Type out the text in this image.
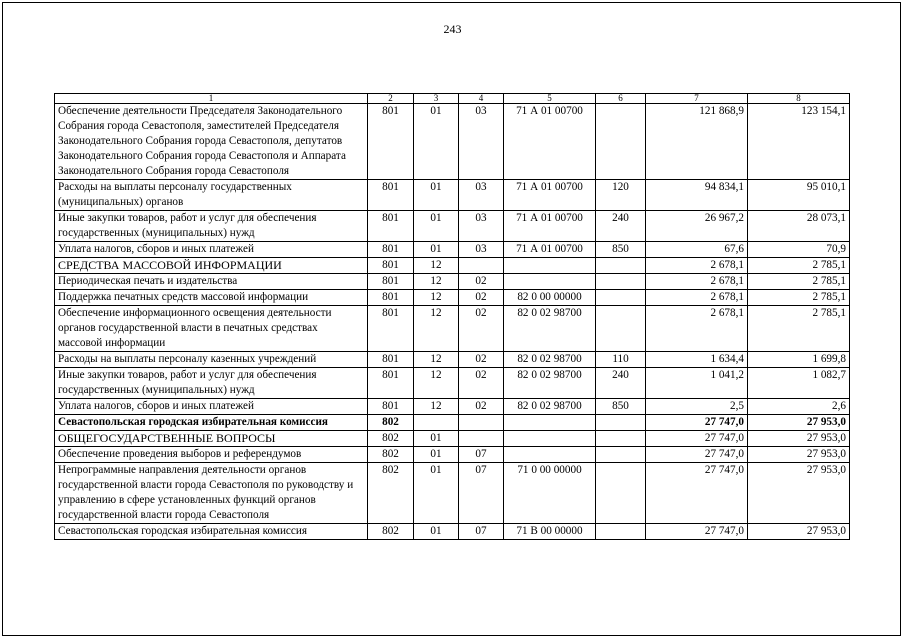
243
1	2	3	4	5	6	7	8
Обеспечение деятельности Председателя Законодательного Собрания города Севастополя, заместителей Председателя Законодательного Собрания города Севастополя, депутатов Законодательного Собрания города Севастополя и Аппарата Законодательного Собрания города Севастополя	801	01	03	71 А 01 00700		121 868,9	123 154,1
Расходы на выплаты персоналу государственных (муниципальных) органов	801	01	03	71 А 01 00700	120	94 834,1	95 010,1
Иные закупки товаров, работ и услуг для обеспечения государственных (муниципальных) нужд	801	01	03	71 А 01 00700	240	26 967,2	28 073,1
Уплата налогов, сборов и иных платежей	801	01	03	71 А 01 00700	850	67,6	70,9
СРЕДСТВА МАССОВОЙ ИНФОРМАЦИИ	801	12				2 678,1	2 785,1
Периодическая печать и издательства	801	12	02			2 678,1	2 785,1
Поддержка печатных средств массовой информации	801	12	02	82 0 00 00000		2 678,1	2 785,1
Обеспечение информационного освещения деятельности органов государственной власти в печатных средствах массовой информации	801	12	02	82 0 02 98700		2 678,1	2 785,1
Расходы на выплаты персоналу казенных учреждений	801	12	02	82 0 02 98700	110	1 634,4	1 699,8
Иные закупки товаров, работ и услуг для обеспечения государственных (муниципальных) нужд	801	12	02	82 0 02 98700	240	1 041,2	1 082,7
Уплата налогов, сборов и иных платежей	801	12	02	82 0 02 98700	850	2,5	2,6
Севастопольская городская избирательная комиссия	802					27 747,0	27 953,0
ОБЩЕГОСУДАРСТВЕННЫЕ ВОПРОСЫ	802	01				27 747,0	27 953,0
Обеспечение проведения выборов и референдумов	802	01	07			27 747,0	27 953,0
Непрограммные направления деятельности органов государственной власти города Севастополя по руководству и управлению в сфере установленных функций органов государственной власти города Севастополя	802	01	07	71 0 00 00000		27 747,0	27 953,0
Севастопольская городская избирательная комиссия	802	01	07	71 В 00 00000		27 747,0	27 953,0
